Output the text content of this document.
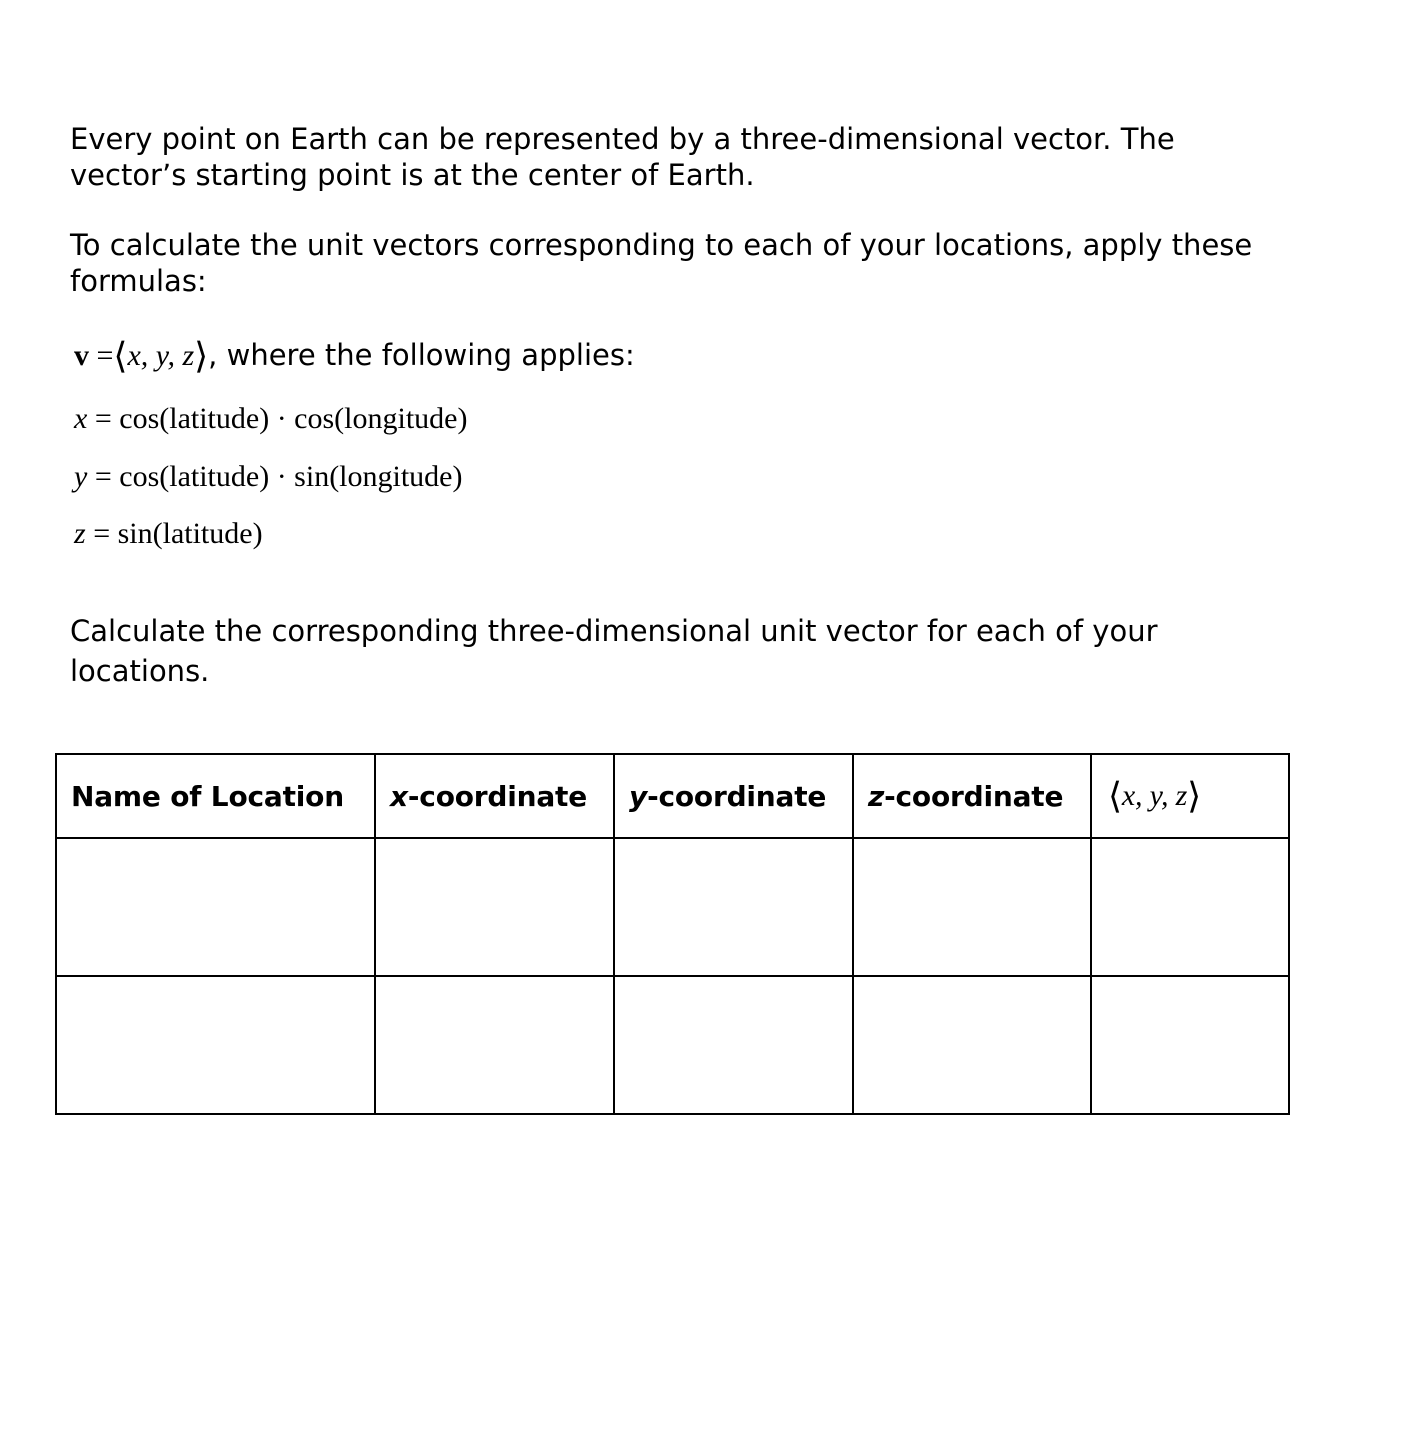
Every point on Earth can be represented by a three-dimensional vector. The
vector’s starting point is at the center of Earth.

To calculate the unit vectors corresponding to each of your locations, apply these
formulas:

v =⟨x, y, z⟩, where the following applies:
x = cos(latitude) · cos(longitude)
y = cos(latitude) · sin(longitude)
z = sin(latitude)

Calculate the corresponding three-dimensional unit vector for each of your
locations.

Name of Location	x-coordinate	y-coordinate	z-coordinate	⟨x, y, z⟩
